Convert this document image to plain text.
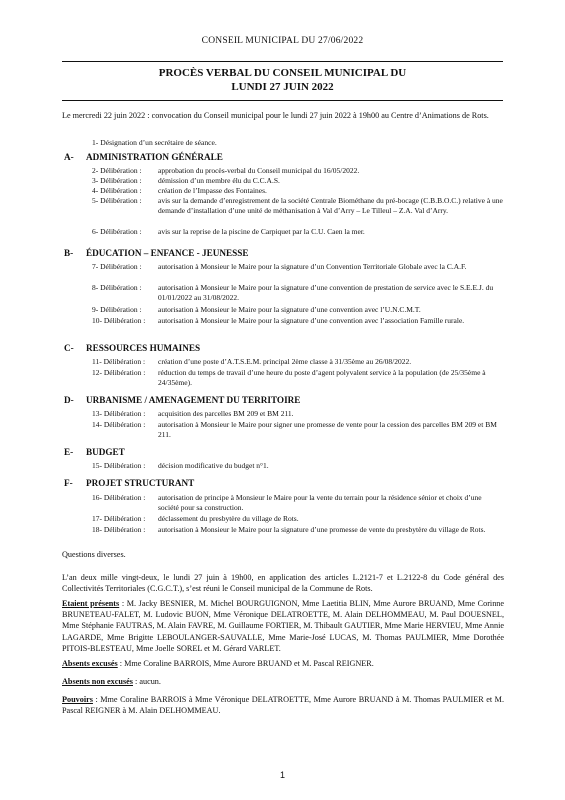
CONSEIL MUNICIPAL DU 27/06/2022
PROCÈS VERBAL DU CONSEIL MUNICIPAL DU
LUNDI 27 JUIN 2022
Le mercredi 22 juin 2022 : convocation du Conseil municipal pour le lundi 27 juin 2022 à 19h00 au Centre d’Animations de Rots.
1- Désignation d’un secrétaire de séance.
A- ADMINISTRATION GÉNÉRALE
2- Délibération :	approbation du procès-verbal du Conseil municipal du 16/05/2022.
3- Délibération :	démission d’un membre élu du C.C.A.S.
4- Délibération :	création de l’Impasse des Fontaines.
5- Délibération :	avis sur la demande d’enregistrement de la société Centrale Biométhane du pré-bocage (C.B.B.O.C.) relative à une demande d’installation d’une unité de méthanisation à Val d’Arry – Le Tilleul – Z.A. Val d’Arry.
6- Délibération :	avis sur la reprise de la piscine de Carpiquet par la C.U. Caen la mer.
B- ÉDUCATION – ENFANCE - JEUNESSE
7- Délibération :	autorisation à Monsieur le Maire pour la signature d’un Convention Territoriale Globale avec la C.A.F.
8- Délibération :	autorisation à Monsieur le Maire pour la signature d’une convention de prestation de service avec le S.E.E.J. du 01/01/2022 au 31/08/2022.
9- Délibération :	autorisation à Monsieur le Maire pour la signature d’une convention avec l’U.N.C.M.T.
10- Délibération :	autorisation à Monsieur le Maire pour la signature d’une convention avec l’association Famille rurale.
C- RESSOURCES HUMAINES
11- Délibération :	création d’une poste d’A.T.S.E.M. principal 2ème classe à 31/35ème au 26/08/2022.
12- Délibération :	réduction du temps de travail d’une heure du poste d’agent polyvalent service à la population (de 25/35ème à 24/35ème).
D- URBANISME / AMENAGEMENT DU TERRITOIRE
13- Délibération :	acquisition des parcelles BM 209 et BM 211.
14- Délibération :	autorisation à Monsieur le Maire pour signer une promesse de vente pour la cession des parcelles BM 209 et BM 211.
E- BUDGET
15- Délibération :	décision modificative du budget n°1.
F- PROJET STRUCTURANT
16- Délibération :	autorisation de principe à Monsieur le Maire pour la vente du terrain pour la résidence sénior et choix d’une société pour sa construction.
17- Délibération :	déclassement du presbytère du village de Rots.
18- Délibération :	autorisation à Monsieur le Maire pour la signature d’une promesse de vente du presbytère du village de Rots.
Questions diverses.
L’an deux mille vingt-deux, le lundi 27 juin à 19h00, en application des articles L.2121-7 et L.2122-8 du Code général des Collectivités Territoriales (C.G.C.T.), s’est réuni le Conseil municipal de la Commune de Rots.
Etaient présents : M. Jacky BESNIER, M. Michel BOURGUIGNON, Mme Laetitia BLIN, Mme Aurore BRUAND, Mme Corinne BRUNETEAU-FALET, M. Ludovic BUON, Mme Véronique DELATROETTE, M. Alain DELHOMMEAU, M. Paul DOUESNEL, Mme Stéphanie FAUTRAS, M. Alain FAVRE, M. Guillaume FORTIER, M. Thibault GAUTIER, Mme Marie HERVIEU, Mme Annie LAGARDE, Mme Brigitte LEBOULANGER-SAUVALLE, Mme Marie-José LUCAS, M. Thomas PAULMIER, Mme Dorothée PITOIS-BLESTEAU, Mme Joelle SOREL et M. Gérard VARLET.
Absents excusés : Mme Coraline BARROIS, Mme Aurore BRUAND et M. Pascal REIGNER.
Absents non excusés : aucun.
Pouvoirs : Mme Coraline BARROIS à Mme Véronique DELATROETTE, Mme Aurore BRUAND à M. Thomas PAULMIER et M. Pascal REIGNER à M. Alain DELHOMMEAU.
1
